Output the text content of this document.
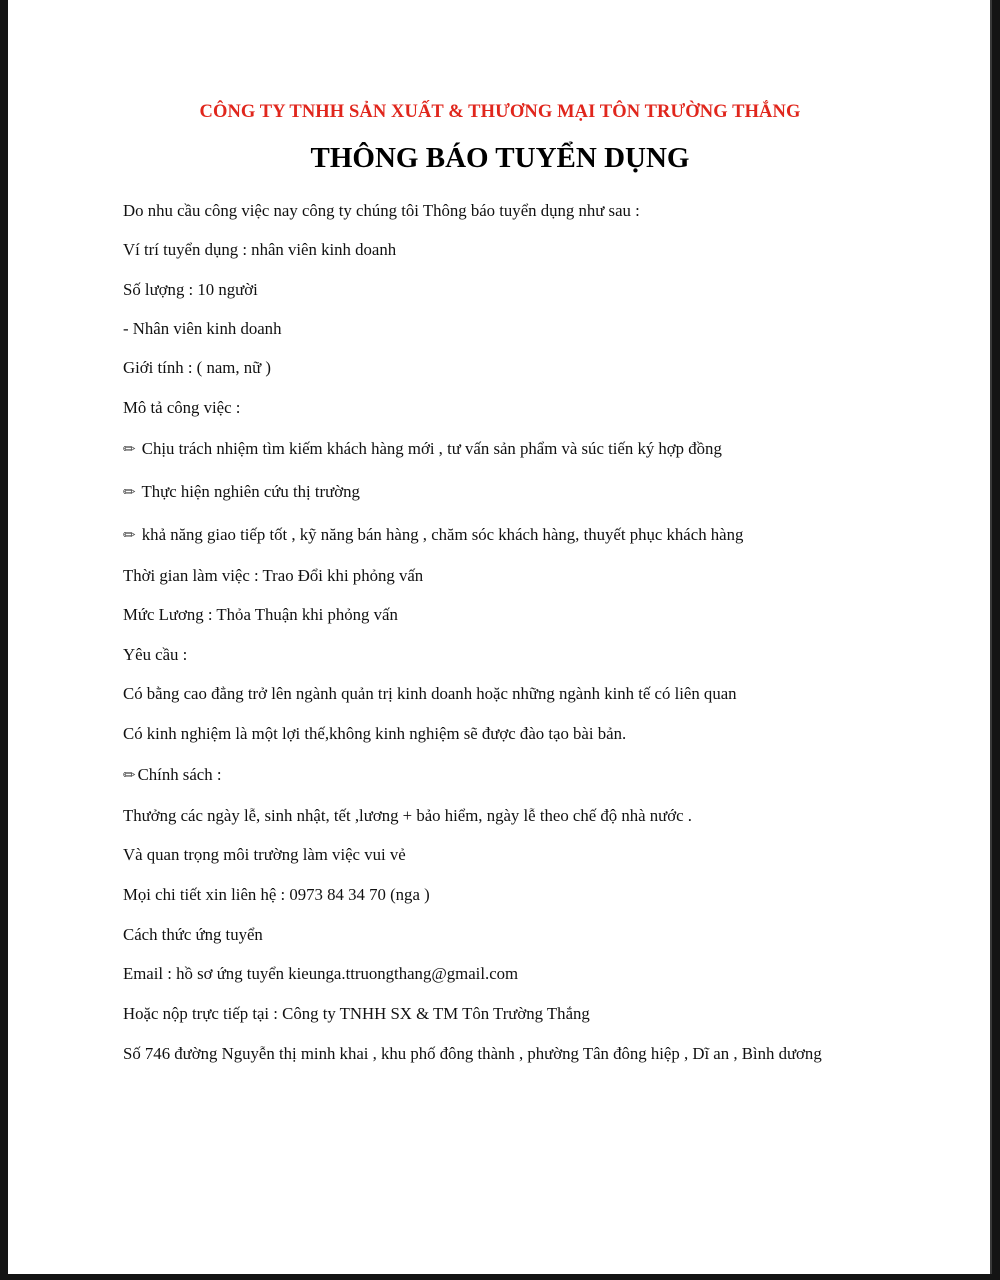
CÔNG TY TNHH SẢN XUẤT & THƯƠNG MẠI TÔN TRƯỜNG THẮNG
THÔNG BÁO TUYỂN DỤNG
Do nhu cầu công việc nay công ty chúng tôi Thông báo tuyển dụng như sau :
Ví trí tuyển dụng : nhân viên kinh doanh
Số lượng : 10 người
- Nhân viên kinh doanh
Giới tính : ( nam, nữ )
Mô tả công việc :
✏ Chịu trách nhiệm tìm kiếm khách hàng mới , tư vấn sản phẩm và súc tiến ký hợp đồng
✏ Thực hiện nghiên cứu thị trường
✏ khả năng giao tiếp tốt , kỹ năng bán hàng , chăm sóc khách hàng, thuyết phục khách hàng
Thời gian làm việc : Trao Đổi khi phỏng vấn
Mức Lương : Thỏa Thuận khi phỏng vấn
Yêu cầu :
Có bằng cao đẳng trở lên ngành quản trị kinh doanh hoặc những ngành kinh tế có liên quan
Có kinh nghiệm là một lợi thế,không kinh nghiệm sẽ được đào tạo bài bản.
✏ Chính sách :
Thưởng các ngày lễ, sinh nhật, tết ,lương + bảo hiểm, ngày lễ theo chế độ nhà nước .
Và quan trọng môi trường làm việc vui vẻ
Mọi chi tiết xin liên hệ : 0973 84 34 70 (nga )
Cách thức ứng tuyển
Email : hồ sơ ứng tuyển kieunga.ttruongthang@gmail.com
Hoặc nộp trực tiếp tại : Công ty TNHH SX & TM Tôn Trường Thắng
Số 746 đường Nguyễn thị minh khai , khu phố đông thành , phường Tân đông hiệp , Dĩ an , Bình dương
